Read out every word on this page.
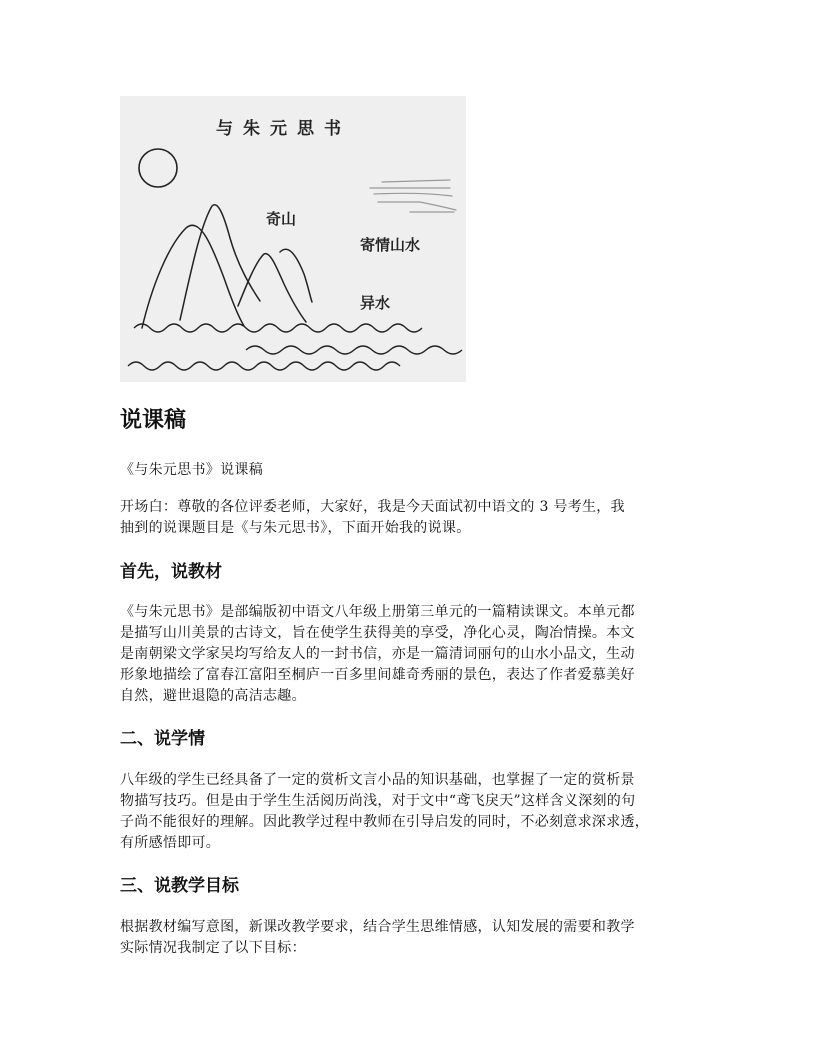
与朱元思书
奇山
寄情山水
异水
说课稿

《与朱元思书》说课稿

开场白：尊敬的各位评委老师，大家好，我是今天面试初中语文的 3 号考生，我

抽到的说课题目是《与朱元思书》，下面开始我的说课。

首先，说教材

《与朱元思书》是部编版初中语文八年级上册第三单元的一篇精读课文。本单元都

是描写山川美景的古诗文，旨在使学生获得美的享受，净化心灵，陶冶情操。本文

是南朝梁文学家吴均写给友人的一封书信，亦是一篇清词丽句的山水小品文，生动

形象地描绘了富春江富阳至桐庐一百多里间雄奇秀丽的景色，表达了作者爱慕美好

自然，避世退隐的高洁志趣。

二、说学情

八年级的学生已经具备了一定的赏析文言小品的知识基础，也掌握了一定的赏析景

物描写技巧。但是由于学生生活阅历尚浅，对于文中“鸢飞戾天”这样含义深刻的句

子尚不能很好的理解。因此教学过程中教师在引导启发的同时，不必刻意求深求透，

有所感悟即可。

三、说教学目标

根据教材编写意图，新课改教学要求，结合学生思维情感，认知发展的需要和教学

实际情况我制定了以下目标：
